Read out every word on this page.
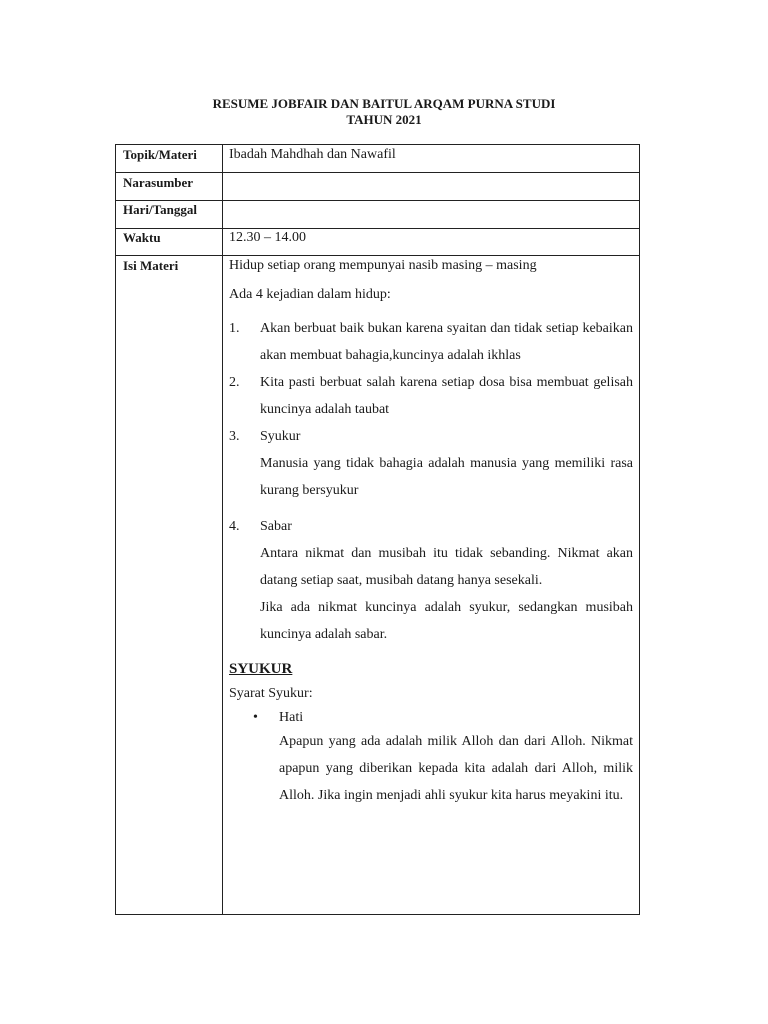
RESUME JOBFAIR DAN BAITUL ARQAM PURNA STUDI
TAHUN 2021
Topik/Materi Ibadah Mahdhah dan Nawafil
Narasumber
Hari/Tanggal
Waktu	12.30 – 14.00
Isi Materi	Hidup setiap orang mempunyai nasib masing – masing

Ada 4 kejadian dalam hidup:

1. Akan berbuat baik bukan karena syaitan dan tidak setiap kebaikan akan membuat bahagia,kuncinya adalah ikhlas
2. Kita pasti berbuat salah karena setiap dosa bisa membuat gelisah kuncinya adalah taubat
3. Syukur
Manusia yang tidak bahagia adalah manusia yang memiliki rasa kurang bersyukur
4. Sabar
Antara nikmat dan musibah itu tidak sebanding. Nikmat akan datang setiap saat, musibah datang hanya sesekali.
Jika ada nikmat kuncinya adalah syukur, sedangkan musibah kuncinya adalah sabar.

SYUKUR

Syarat Syukur:

• Hati
Apapun yang ada adalah milik Alloh dan dari Alloh. Nikmat apapun yang diberikan kepada kita adalah dari Alloh, milik Alloh. Jika ingin menjadi ahli syukur kita harus meyakini itu.
